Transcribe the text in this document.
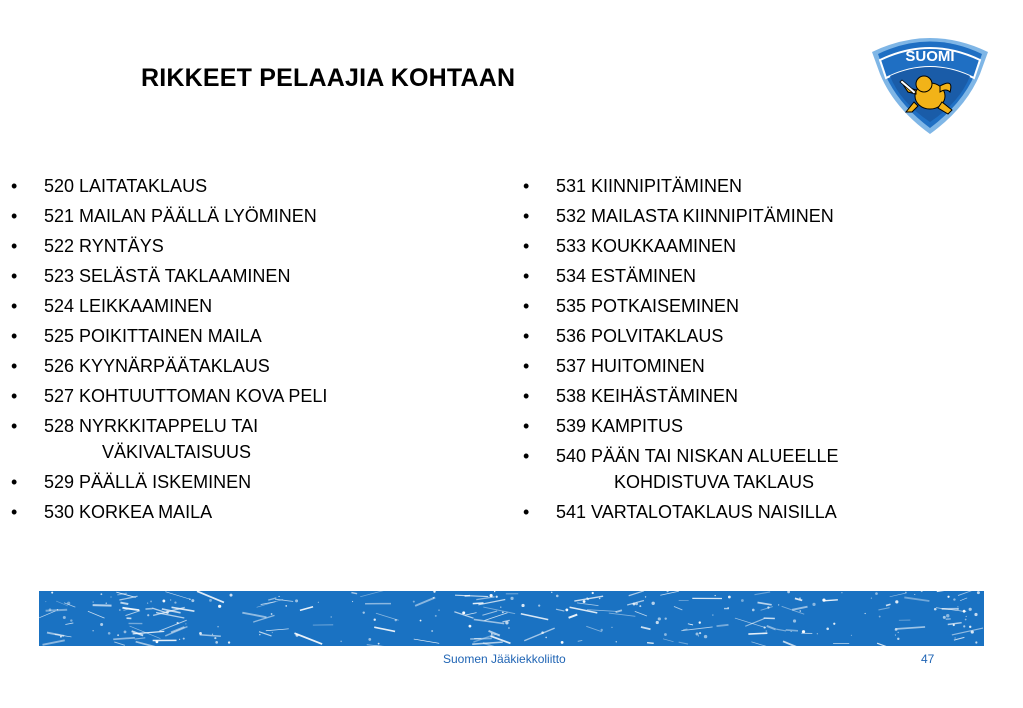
RIKKEET PELAAJIA KOHTAAN
SUOMI
•	520 LAITATAKLAUS
•	521 MAILAN PÄÄLLÄ LYÖMINEN
•	522 RYNTÄYS
•	523 SELÄSTÄ TAKLAAMINEN
•	524 LEIKKAAMINEN
•	525 POIKITTAINEN MAILA
•	526 KYYNÄRPÄÄTAKLAUS
•	527 KOHTUUTTOMAN KOVA PELI
•	528 NYRKKITAPPELU TAI
VÄKIVALTAISUUS
•	529 PÄÄLLÄ ISKEMINEN
•	530 KORKEA MAILA
•	531 KIINNIPITÄMINEN
•	532 MAILASTA KIINNIPITÄMINEN
•	533 KOUKKAAMINEN
•	534 ESTÄMINEN
•	535 POTKAISEMINEN
•	536 POLVITAKLAUS
•	537 HUITOMINEN
•	538 KEIHÄSTÄMINEN
•	539 KAMPITUS
•	540 PÄÄN TAI NISKAN ALUEELLE
KOHDISTUVA TAKLAUS
•	541 VARTALOTAKLAUS NAISILLA
Suomen Jääkiekkoliitto	47
